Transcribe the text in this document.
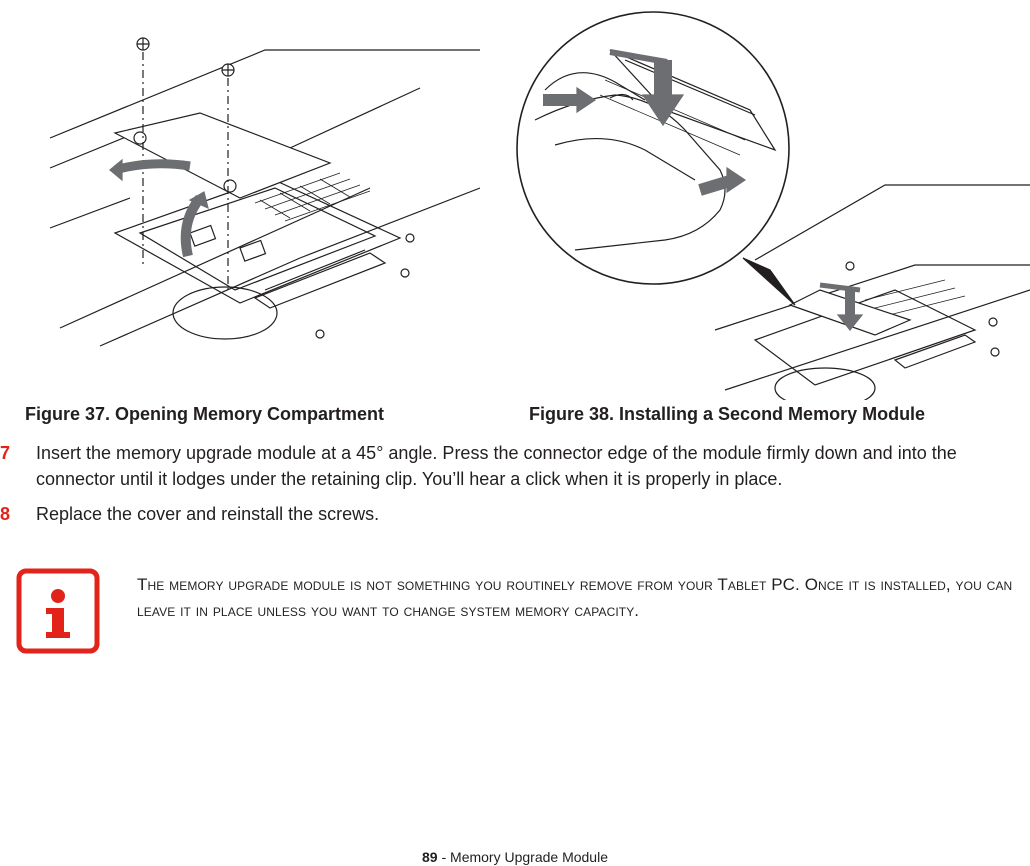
Figure 37. Opening Memory Compartment	Figure 38. Installing a Second Memory Module
7 Insert the memory upgrade module at a 45° angle. Press the connector edge of the module firmly down and into the connector until it lodges under the retaining clip. You’ll hear a click when it is properly in place.
8 Replace the cover and reinstall the screws.
The memory upgrade module is not something you routinely remove from your Tablet PC. Once it is installed, you can leave it in place unless you want to change system memory capacity.
89 - Memory Upgrade Module
